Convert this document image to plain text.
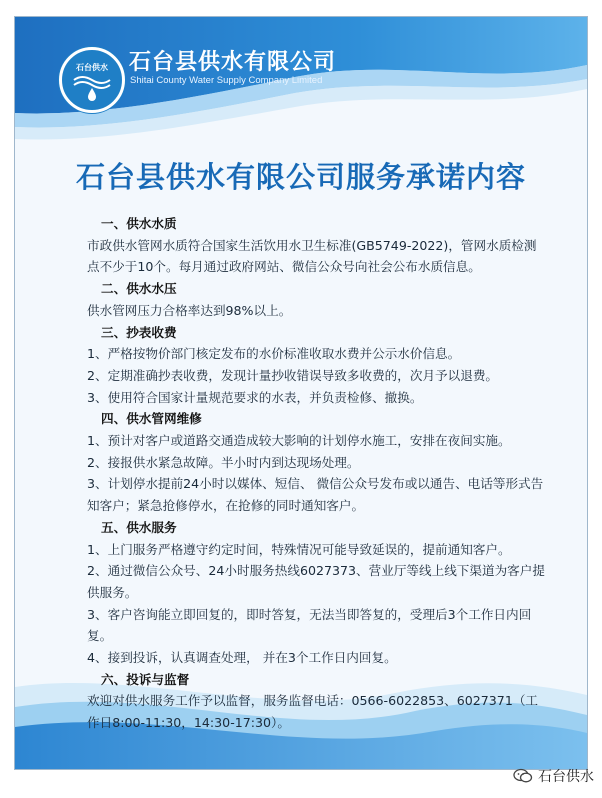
石台供水 石台县供水有限公司
Shitai County Water Supply Company Limited
石台县供水有限公司服务承诺内容

一、供水水质

市政供水管网水质符合国家生活饮用水卫生标准(GB5749-2022)，管网水质检测点不少于10个。每月通过政府网站、微信公众号向社会公布水质信息。

二、供水水压

供水管网压力合格率达到98%以上。

三、抄表收费

1、严格按物价部门核定发布的水价标准收取水费并公示水价信息。

2、定期准确抄表收费，发现计量抄收错误导致多收费的，次月予以退费。

3、使用符合国家计量规范要求的水表，并负责检修、撤换。

四、供水管网维修

1、预计对客户或道路交通造成较大影响的计划停水施工，安排在夜间实施。

2、接报供水紧急故障。半小时内到达现场处理。

3、计划停水提前24小时以媒体、短信、 微信公众号发布或以通告、电话等形式告知客户；紧急抢修停水，在抢修的同时通知客户。

五、供水服务

1、上门服务严格遵守约定时间，特殊情况可能导致延误的，提前通知客户。

2、通过微信公众号、24小时服务热线6027373、营业厅等线上线下渠道为客户提供服务。

3、客户咨询能立即回复的，即时答复，无法当即答复的，受理后3个工作日内回复。

4、接到投诉，认真调查处理， 并在3个工作日内回复。

六、投诉与监督

欢迎对供水服务工作予以监督，服务监督电话：0566-6022853、6027371（工作日8:00-11:30，14:30-17:30）。

石台供水
